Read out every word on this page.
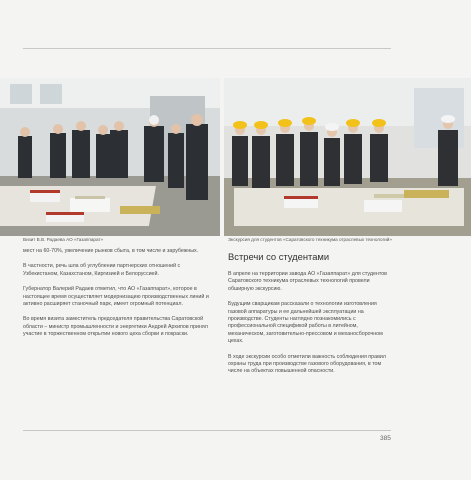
Визит В.В. Радаева АО «Газаппарат»	Экскурсия для студентов «Саратовского техникума отраслевых технологий»

мест на 60-70%, увеличение рынков сбыта, в том числе и зарубежных.

В частности, речь шла об углублении партнерских отношений с Узбекистаном, Казахстаном, Киргизией и Белоруссией.

Губернатор Валерий Радаев отметил, что АО «Газаппарат», которое в настоящее время осуществляет модернизацию производственных линий и активно расширяет станочный парк, имеет огромный потенциал.

Во время визита заместитель председателя правительства Саратовской области – министр промышленности и энергетики Андрей Архипов принял участие в торжественном открытии нового цеха сборки и покраски.

Встречи со студентами

В апреле на территории завода АО «Газаппарат» для студентов Саратовского техникума отраслевых технологий провели обширную экскурсию.

Будущим сварщикам рассказали о технологии изготовления газовой аппаратуры и ее дальнейшей эксплуатации на производстве. Студенты наглядно познакомились с профессиональной спецификой работы в литейном, механическом, заготовительно-прессовом и механосборочном цехах.

В ходе экскурсии особо отметили важность соблюдения правил охраны труда при производстве газового оборудования, в том числе на объектах повышенной опасности.

385
